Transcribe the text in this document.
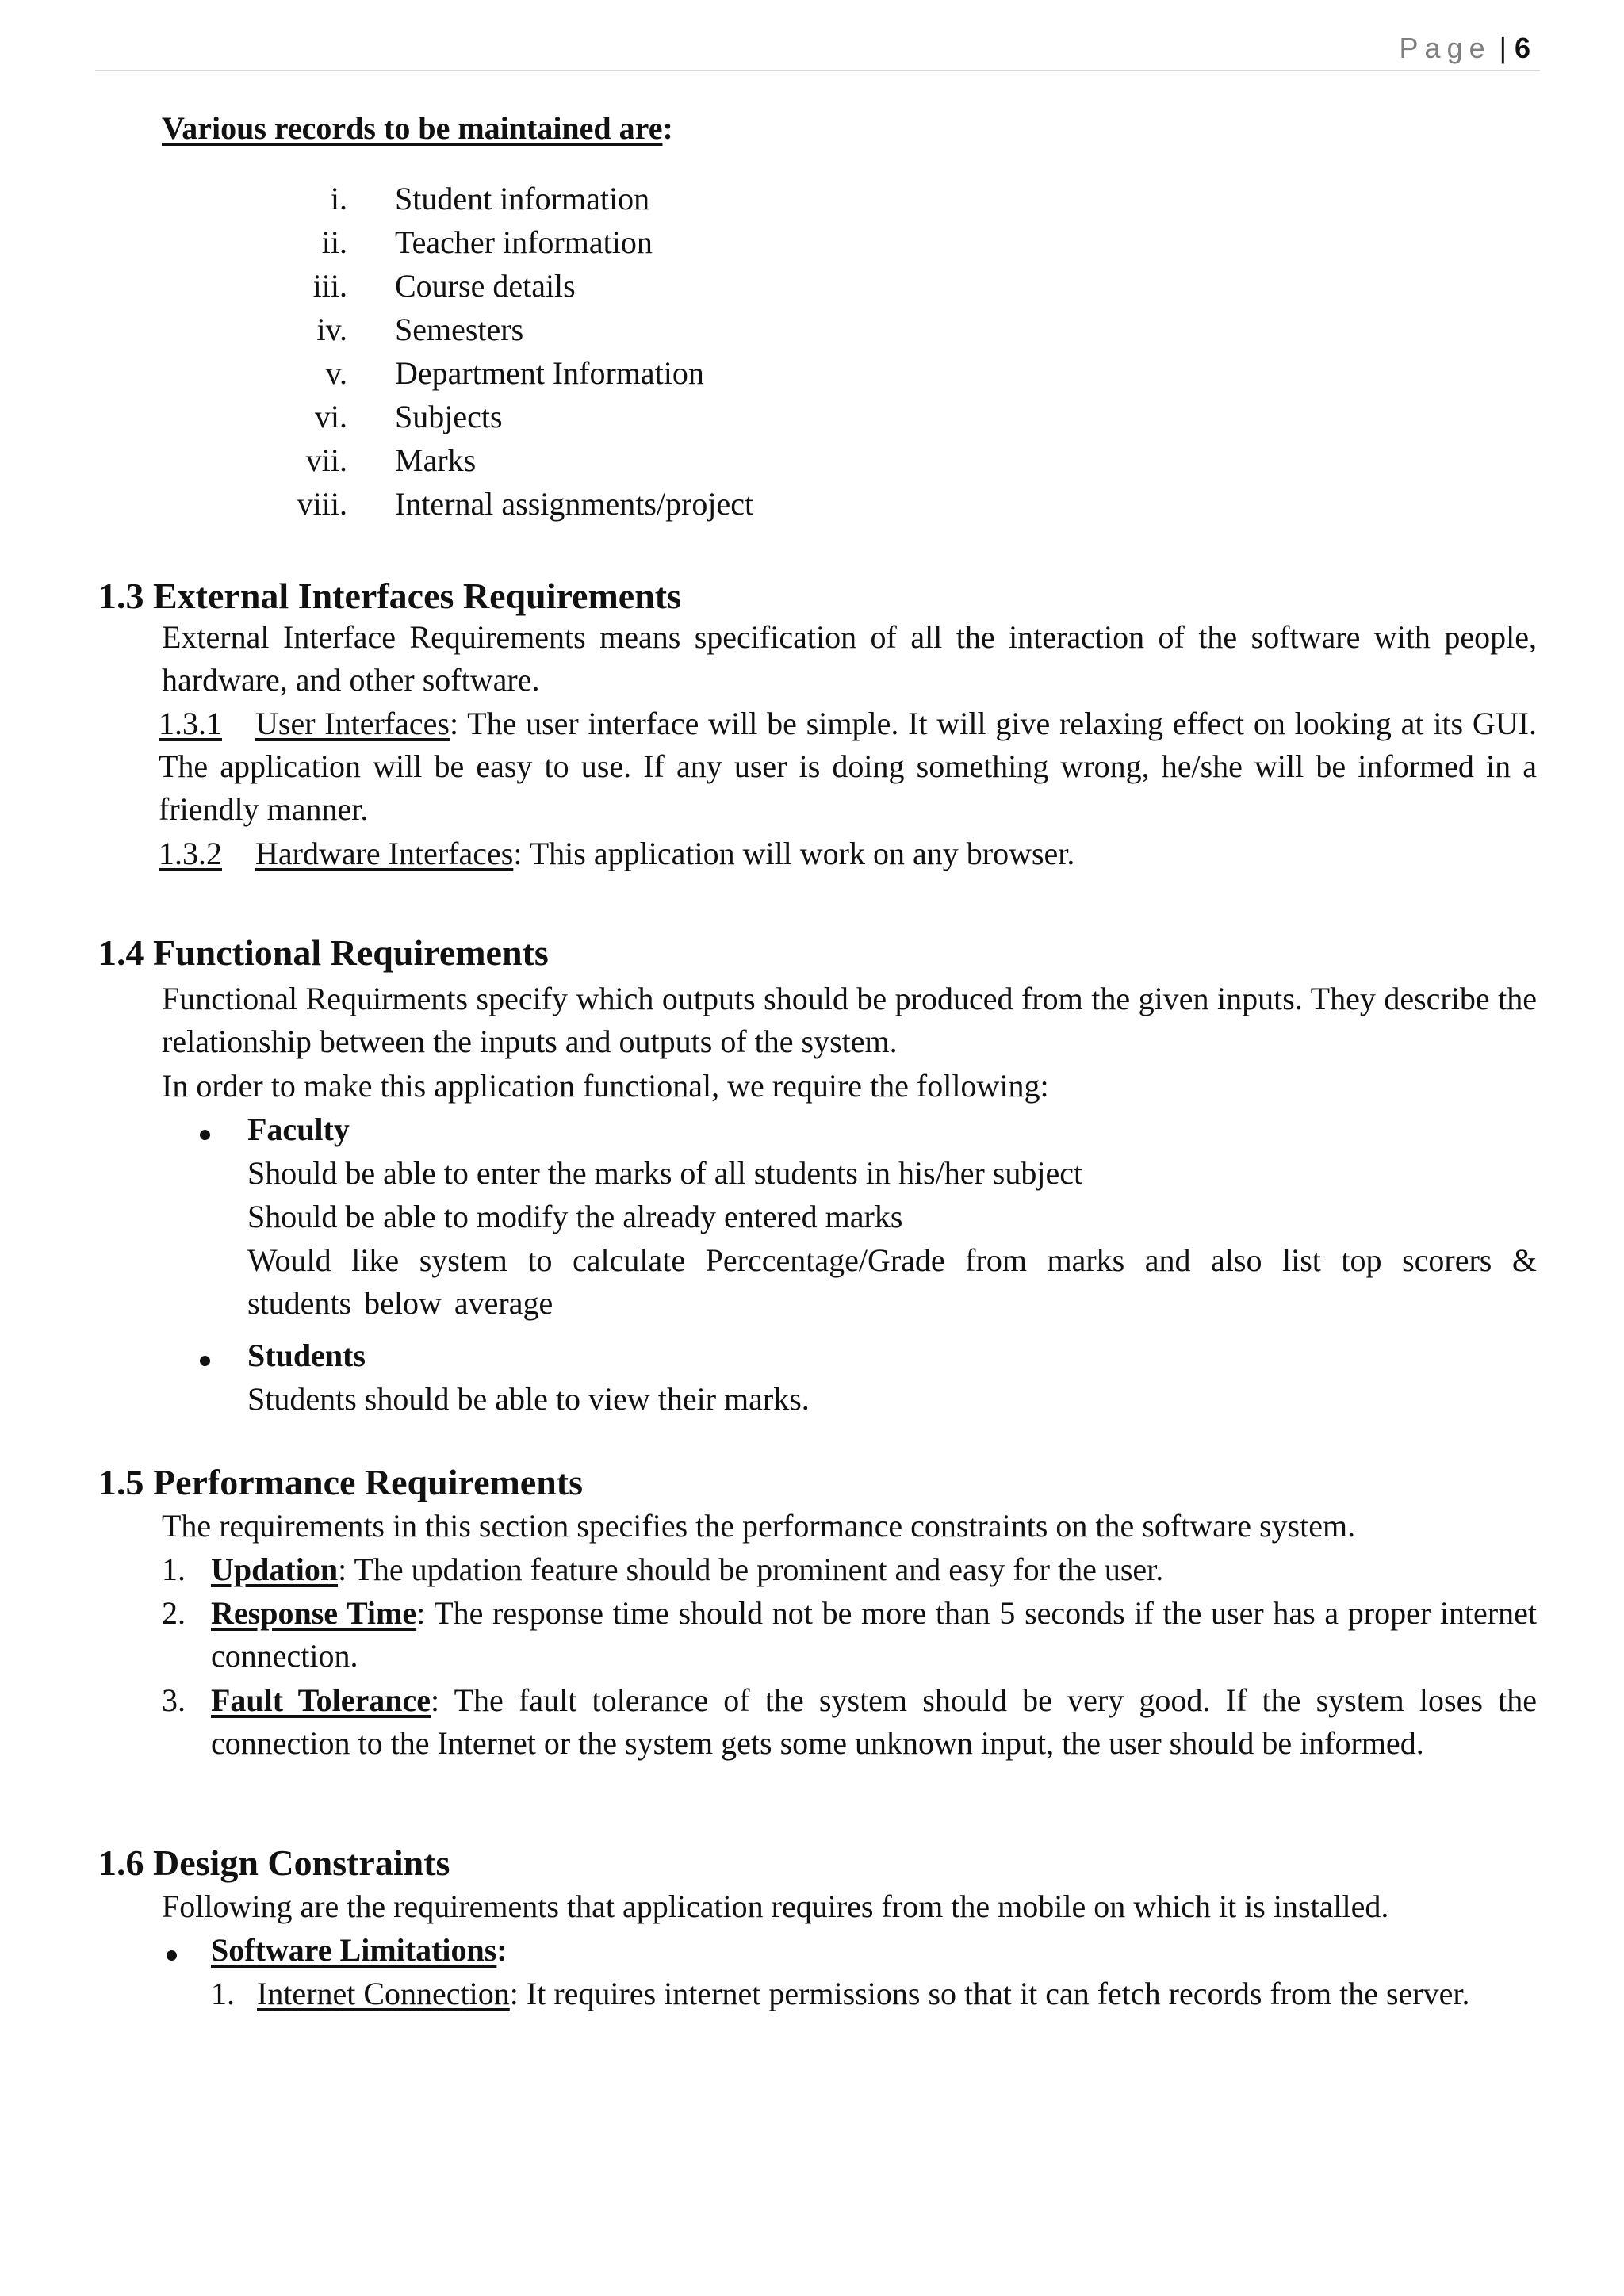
Page | 6
Various records to be maintained are:
i. Student information
ii. Teacher information
iii. Course details
iv. Semesters
v. Department Information
vi. Subjects
vii. Marks
viii. Internal assignments/project
1.3 External Interfaces Requirements
External Interface Requirements means specification of all the interaction of the software with people, hardware, and other software.
1.3.1 User Interfaces: The user interface will be simple. It will give relaxing effect on looking at its GUI. The application will be easy to use. If any user is doing something wrong, he/she will be informed in a friendly manner.
1.3.2 Hardware Interfaces: This application will work on any browser.
1.4 Functional Requirements
Functional Requirments specify which outputs should be produced from the given inputs. They describe the relationship between the inputs and outputs of the system.
In order to make this application functional, we require the following:
Faculty
Should be able to enter the marks of all students in his/her subject
Should be able to modify the already entered marks
Would like system to calculate Perccentage/Grade from marks and also list top scorers & students below average
Students
Students should be able to view their marks.
1.5 Performance Requirements
The requirements in this section specifies the performance constraints on the software system.
1. Updation: The updation feature should be prominent and easy for the user.
2. Response Time: The response time should not be more than 5 seconds if the user has a proper internet connection.
3. Fault Tolerance: The fault tolerance of the system should be very good. If the system loses the connection to the Internet or the system gets some unknown input, the user should be informed.
1.6 Design Constraints
Following are the requirements that application requires from the mobile on which it is installed.
Software Limitations:
1. Internet Connection: It requires internet permissions so that it can fetch records from the server.
